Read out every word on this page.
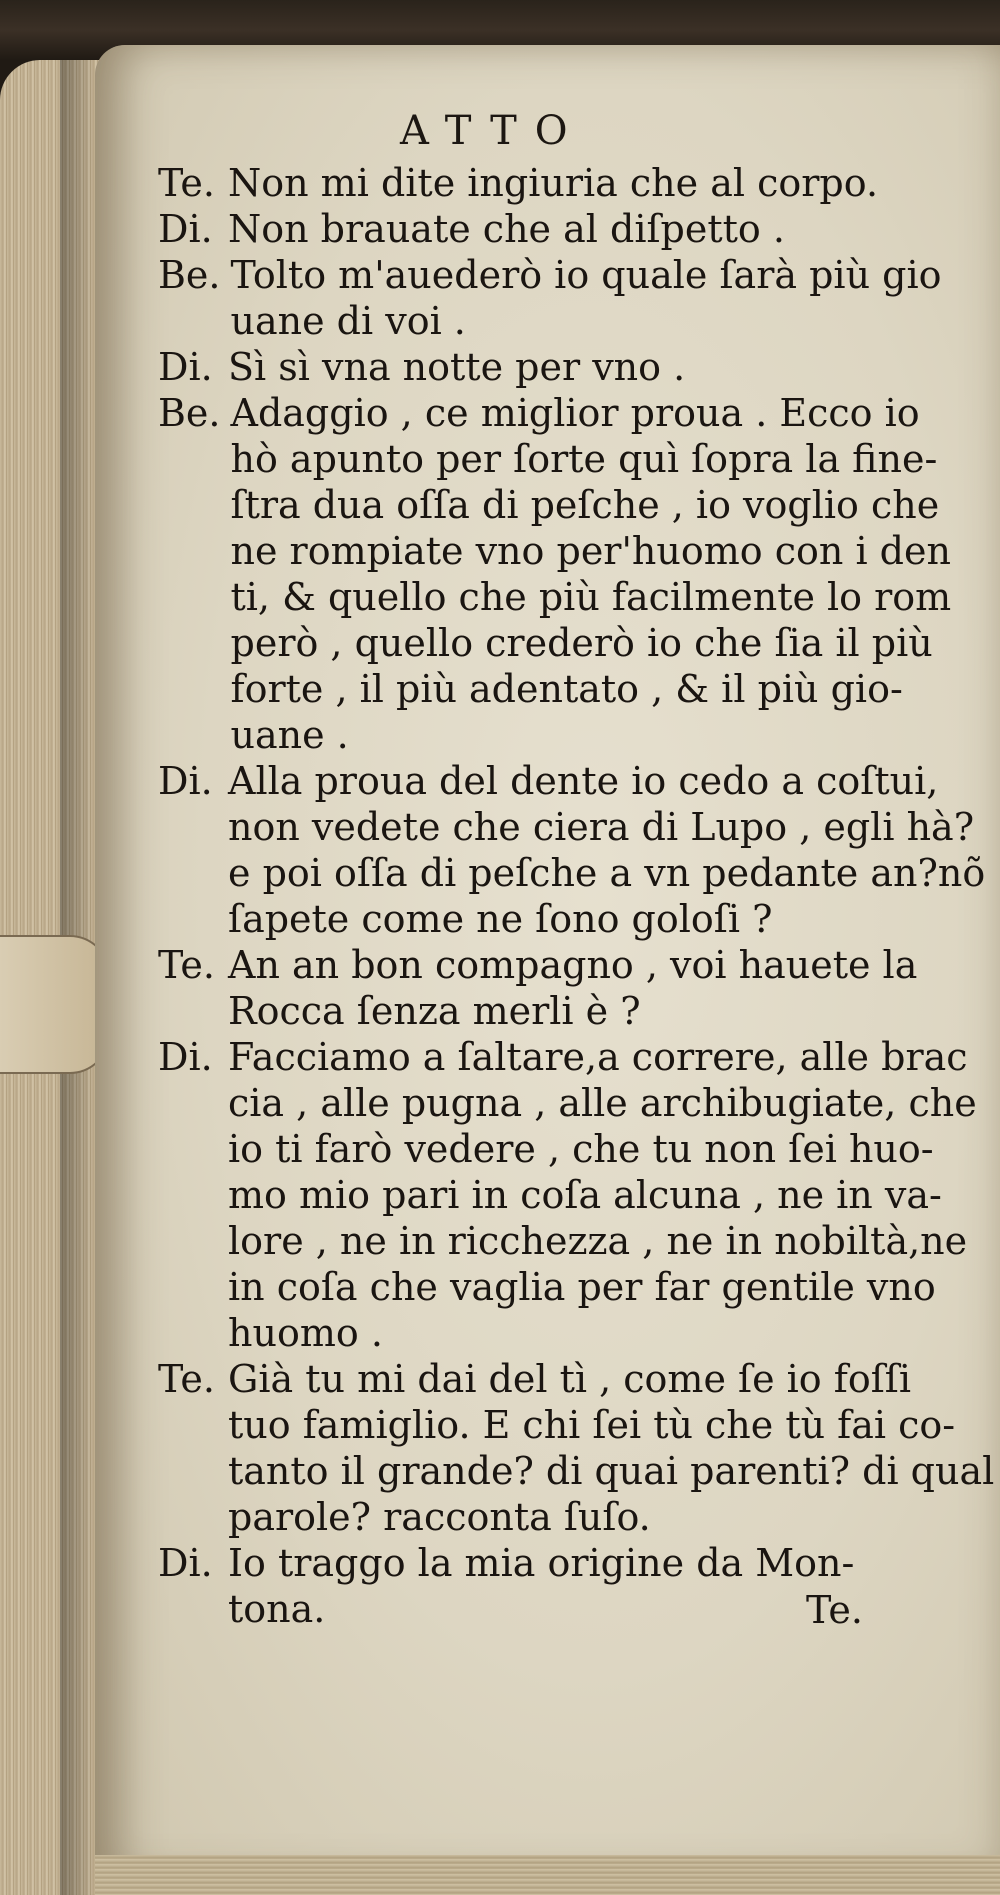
ATTO
Te. Non mi dite ingiuria che al corpo.
Di. Non brauate che al diſpetto .
Be. Tolto m'auederò io quale ſarà più gio
uane di voi .
Di. Sì sì vna notte per vno .
Be. Adaggio , ce miglior proua . Ecco io
hò apunto per ſorte quì ſopra la fine-
ſtra dua oſſa di peſche , io voglio che
ne rompiate vno per'huomo con i den
ti, & quello che più facilmente lo rom
però , quello crederò io che ſia il più
forte , il più adentato , & il più gio-
uane .
Di. Alla proua del dente io cedo a coſtui,
non vedete che ciera di Lupo , egli hà?
e poi oſſa di peſche a vn pedante an?nõ
ſapete come ne ſono goloſi ?
Te. An an bon compagno , voi hauete la
Rocca ſenza merli è ?
Di. Facciamo a ſaltare,a correre, alle brac
cia , alle pugna , alle archibugiate, che
io ti farò vedere , che tu non ſei huo-
mo mio pari in coſa alcuna , ne in va-
lore , ne in ricchezza , ne in nobiltà,ne
in coſa che vaglia per far gentile vno
huomo .
Te. Già tu mi dai del tì , come ſe io foſſi
tuo famiglio. E chi ſei tù che tù fai co-
tanto il grande? di quai parenti? di qual
parole? racconta ſuſo.
Di. Io traggo la mia origine da Mon-
tona.	Te.
